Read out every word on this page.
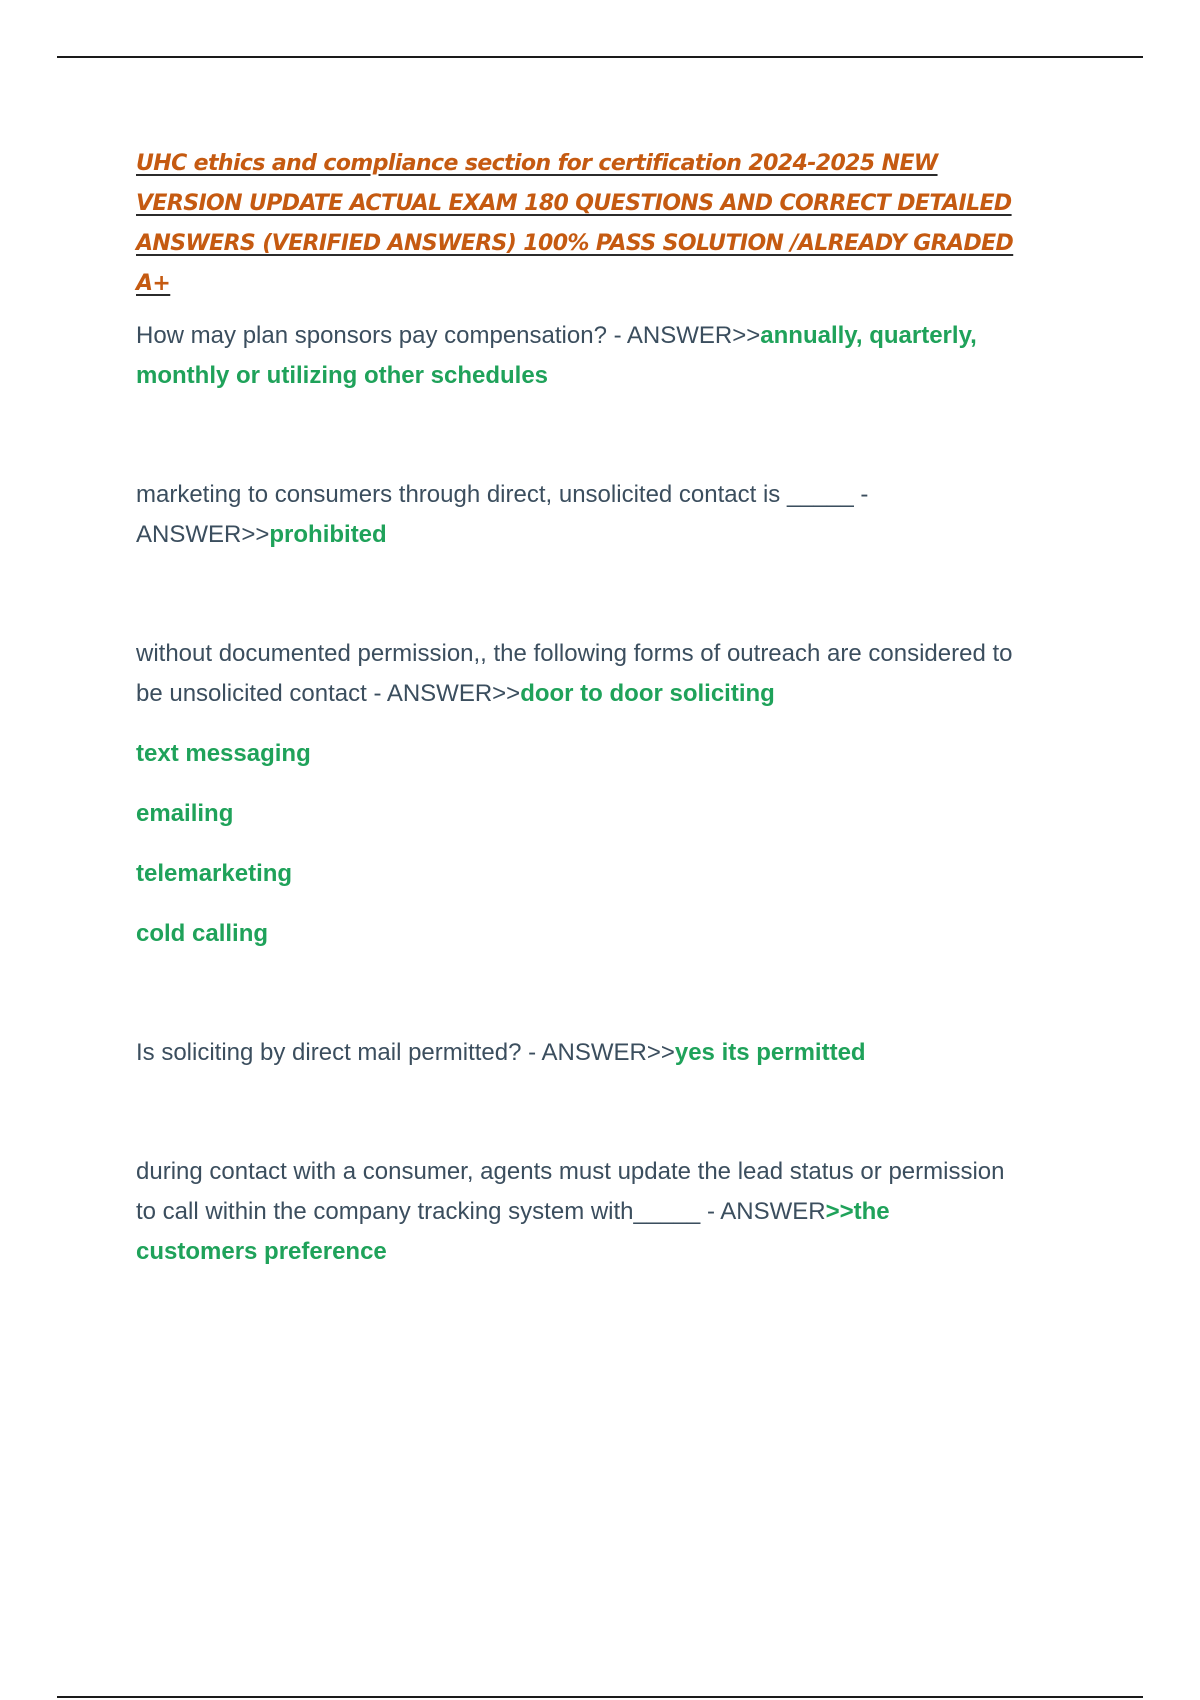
UHC ethics and compliance section for certification 2024-2025 NEW VERSION UPDATE ACTUAL EXAM 180 QUESTIONS AND CORRECT DETAILED ANSWERS (VERIFIED ANSWERS) 100% PASS SOLUTION /ALREADY GRADED A+

How may plan sponsors pay compensation? - ANSWER>>annually, quarterly, monthly or utilizing other schedules
marketing to consumers through direct, unsolicited contact is _____ - ANSWER>>prohibited
without documented permission,, the following forms of outreach are considered to be unsolicited contact - ANSWER>>door to door soliciting
text messaging
emailing
telemarketing
cold calling
Is soliciting by direct mail permitted? - ANSWER>>yes its permitted
during contact with a consumer, agents must update the lead status or permission to call within the company tracking system with_____ - ANSWER>>the customers preference
